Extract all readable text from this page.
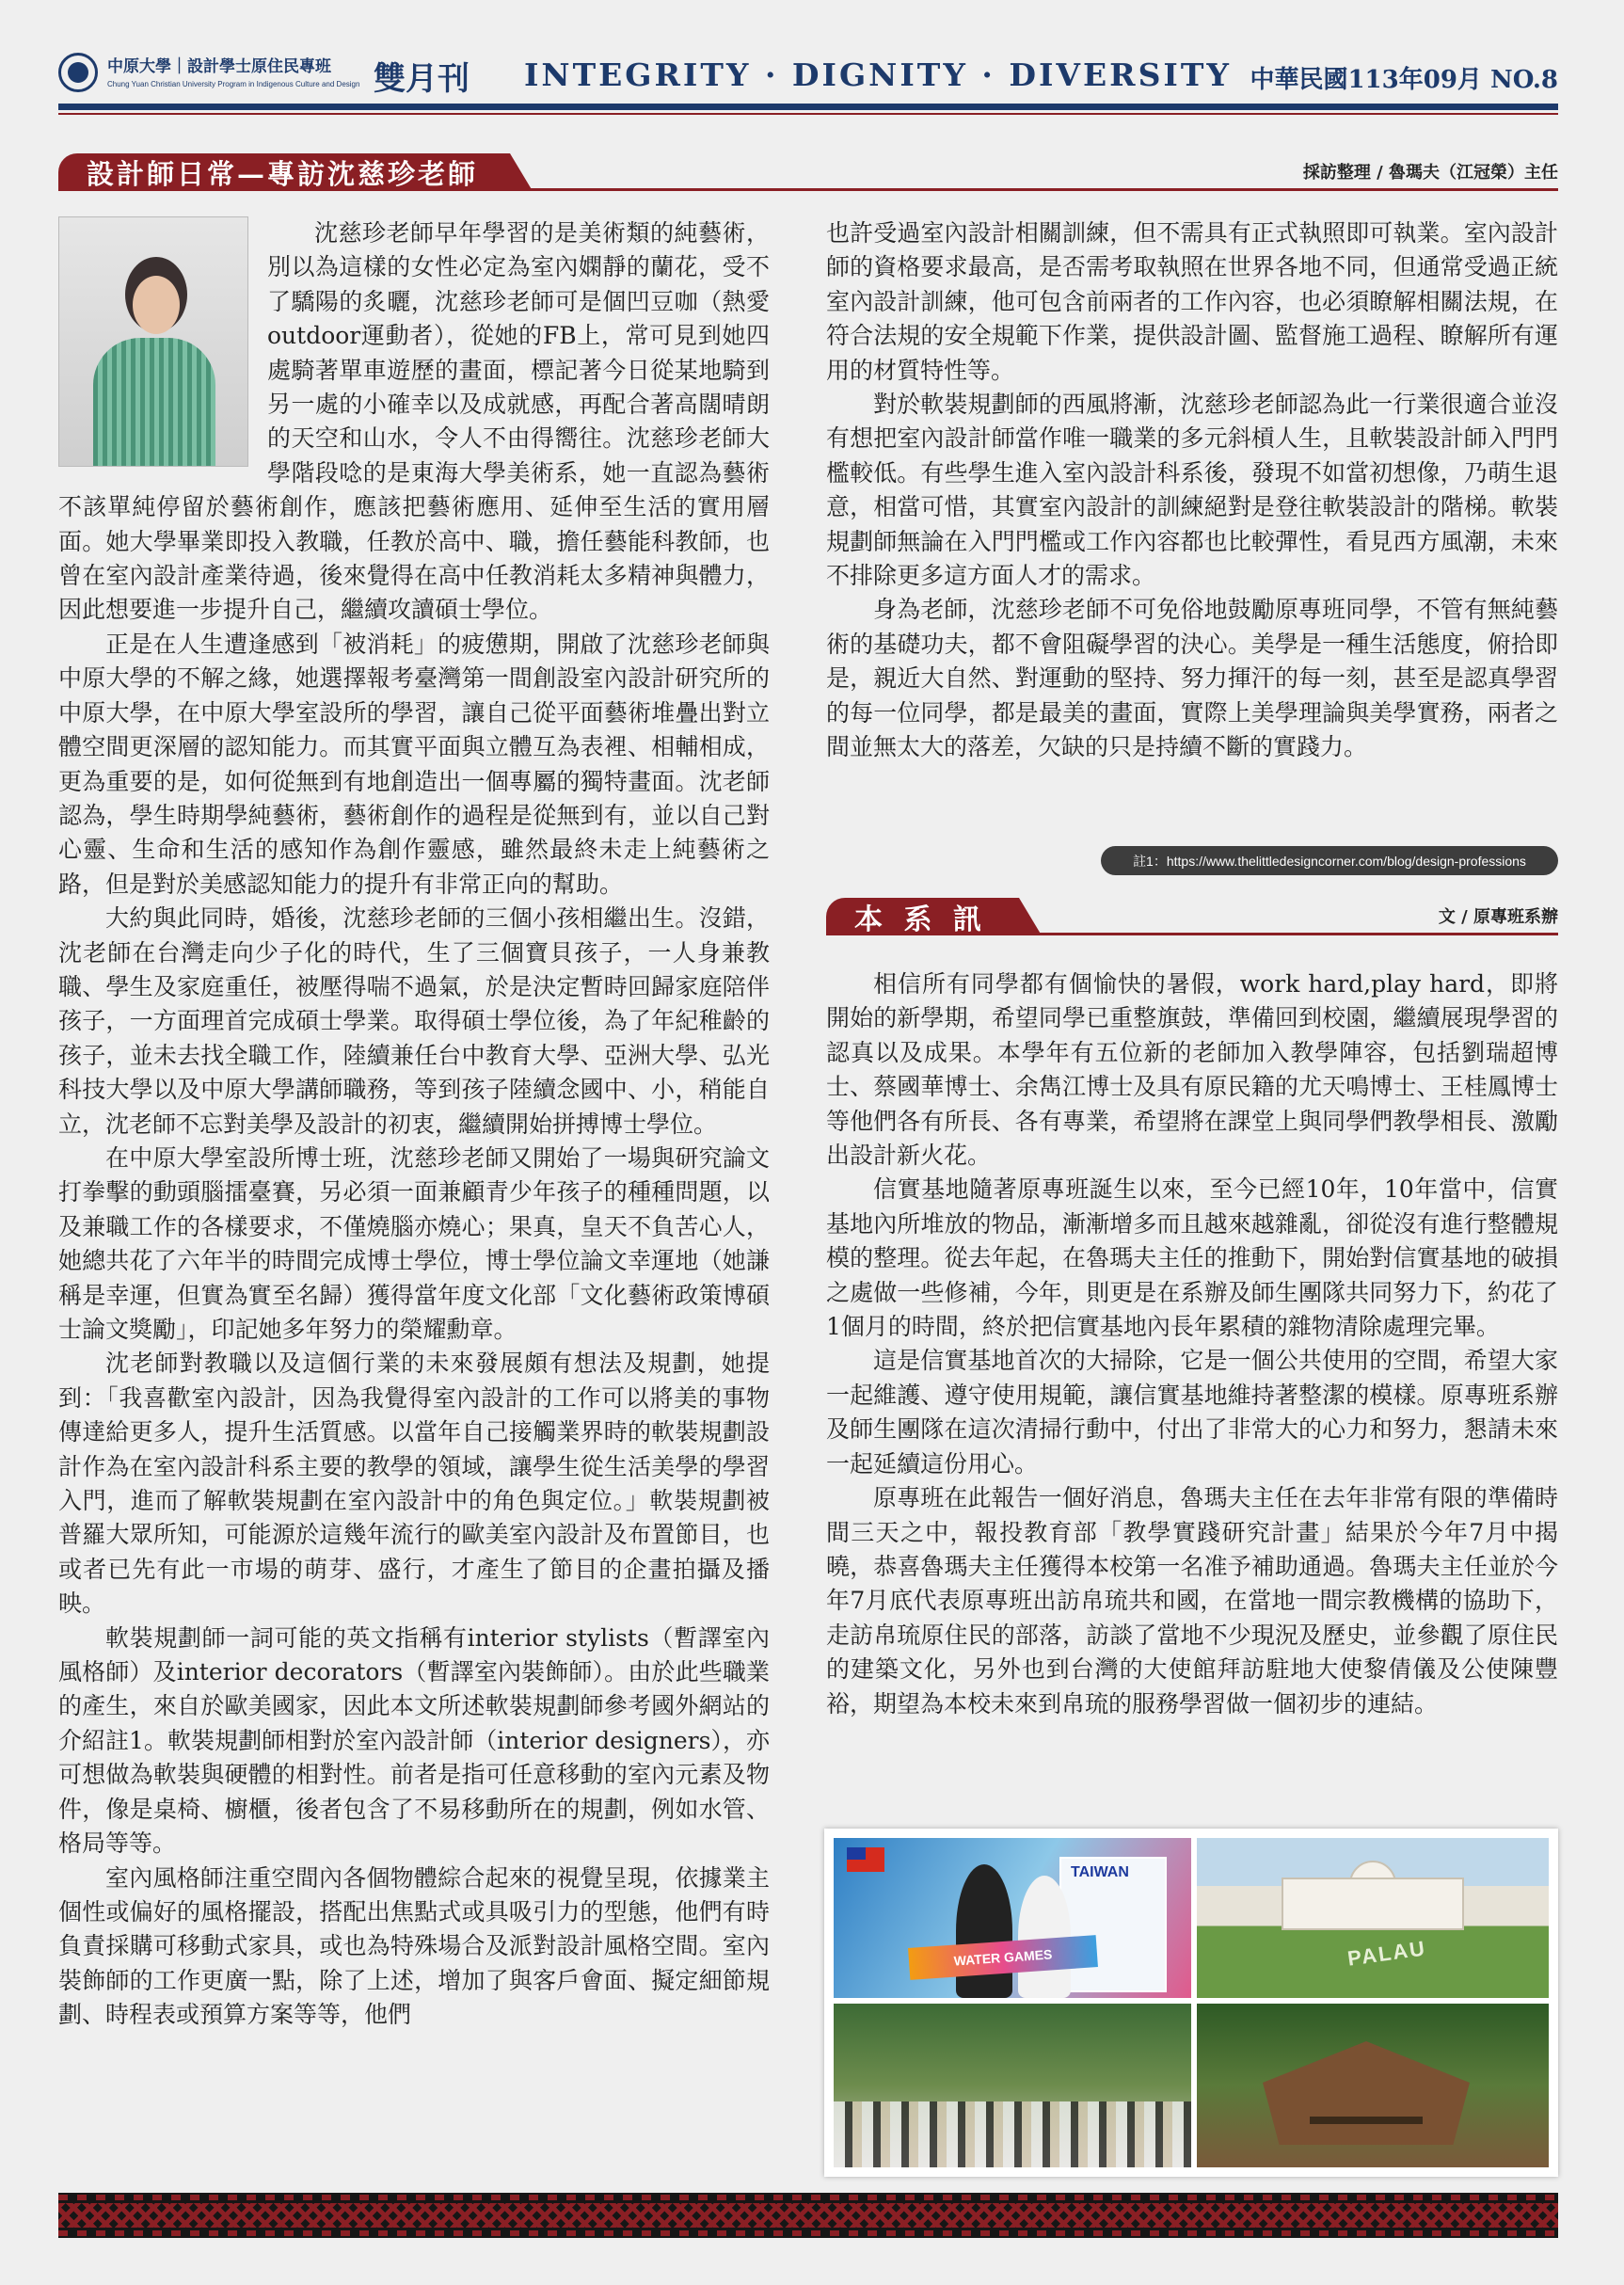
中原大學｜設計學士原住民專班
Chung Yuan Christian University Program in Indigenous Culture and Design 雙月刊 INTEGRITY · DIGNITY · DIVERSITY 中華民國113年09月 NO.8
設計師日常—專訪沈慈珍老師	採訪整理 / 魯瑪夫（江冠榮）主任

沈慈珍老師早年學習的是美術類的純藝術，別以為這樣的女性必定為室內嫻靜的蘭花，受不了驕陽的炙曬，沈慈珍老師可是個凹豆咖（熱愛outdoor運動者），從她的FB上，常可見到她四處騎著單車遊歷的畫面，標記著今日從某地騎到另一處的小確幸以及成就感，再配合著高闊晴朗的天空和山水，令人不由得嚮往。沈慈珍老師大學階段唸的是東海大學美術系，她一直認為藝術不該單純停留於藝術創作，應該把藝術應用、延伸至生活的實用層面。她大學畢業即投入教職，任教於高中、職，擔任藝能科教師，也曾在室內設計產業待過，後來覺得在高中任教消耗太多精神與體力，因此想要進一步提升自己，繼續攻讀碩士學位。

正是在人生遭逢感到「被消耗」的疲憊期，開啟了沈慈珍老師與中原大學的不解之緣，她選擇報考臺灣第一間創設室內設計研究所的中原大學，在中原大學室設所的學習，讓自己從平面藝術堆疊出對立體空間更深層的認知能力。而其實平面與立體互為表裡、相輔相成，更為重要的是，如何從無到有地創造出一個專屬的獨特畫面。沈老師認為，學生時期學純藝術，藝術創作的過程是從無到有，並以自己對心靈、生命和生活的感知作為創作靈感，雖然最終未走上純藝術之路，但是對於美感認知能力的提升有非常正向的幫助。

大約與此同時，婚後，沈慈珍老師的三個小孩相繼出生。沒錯，沈老師在台灣走向少子化的時代，生了三個寶貝孩子，一人身兼教職、學生及家庭重任，被壓得喘不過氣，於是決定暫時回歸家庭陪伴孩子，一方面理首完成碩士學業。取得碩士學位後，為了年紀稚齡的孩子，並未去找全職工作，陸續兼任台中教育大學、亞洲大學、弘光科技大學以及中原大學講師職務，等到孩子陸續念國中、小，稍能自立，沈老師不忘對美學及設計的初衷，繼續開始拼搏博士學位。

在中原大學室設所博士班，沈慈珍老師又開始了一場與研究論文打拳擊的動頭腦擂臺賽，另必須一面兼顧青少年孩子的種種問題，以及兼職工作的各樣要求，不僅燒腦亦燒心；果真，皇天不負苦心人，她總共花了六年半的時間完成博士學位，博士學位論文幸運地（她謙稱是幸運，但實為實至名歸）獲得當年度文化部「文化藝術政策博碩士論文獎勵」，印記她多年努力的榮耀勳章。

沈老師對教職以及這個行業的未來發展頗有想法及規劃，她提到：「我喜歡室內設計，因為我覺得室內設計的工作可以將美的事物傳達給更多人，提升生活質感。以當年自己接觸業界時的軟裝規劃設計作為在室內設計科系主要的教學的領域，讓學生從生活美學的學習入門，進而了解軟裝規劃在室內設計中的角色與定位。」軟裝規劃被普羅大眾所知，可能源於這幾年流行的歐美室內設計及布置節目，也或者已先有此一市場的萌芽、盛行，才產生了節目的企畫拍攝及播映。

軟裝規劃師一詞可能的英文指稱有interior stylists（暫譯室內風格師）及interior decorators（暫譯室內裝飾師）。由於此些職業的產生，來自於歐美國家，因此本文所述軟裝規劃師參考國外網站的介紹註1。軟裝規劃師相對於室內設計師（interior designers），亦可想做為軟裝與硬體的相對性。前者是指可任意移動的室內元素及物件，像是桌椅、櫥櫃，後者包含了不易移動所在的規劃，例如水管、格局等等。

室內風格師注重空間內各個物體綜合起來的視覺呈現，依據業主個性或偏好的風格擺設，搭配出焦點式或具吸引力的型態，他們有時負責採購可移動式家具，或也為特殊場合及派對設計風格空間。室內裝飾師的工作更廣一點，除了上述，增加了與客戶會面、擬定細節規劃、時程表或預算方案等等，他們

也許受過室內設計相關訓練，但不需具有正式執照即可執業。室內設計師的資格要求最高，是否需考取執照在世界各地不同，但通常受過正統室內設計訓練，他可包含前兩者的工作內容，也必須瞭解相關法規，在符合法規的安全規範下作業，提供設計圖、監督施工過程、瞭解所有運用的材質特性等。

對於軟裝規劃師的西風將漸，沈慈珍老師認為此一行業很適合並沒有想把室內設計師當作唯一職業的多元斜槓人生，且軟裝設計師入門門檻較低。有些學生進入室內設計科系後，發現不如當初想像，乃萌生退意，相當可惜，其實室內設計的訓練絕對是登往軟裝設計的階梯。軟裝規劃師無論在入門門檻或工作內容都也比較彈性，看見西方風潮，未來不排除更多這方面人才的需求。

身為老師，沈慈珍老師不可免俗地鼓勵原專班同學，不管有無純藝術的基礎功夫，都不會阻礙學習的決心。美學是一種生活態度，俯拾即是，親近大自然、對運動的堅持、努力揮汗的每一刻，甚至是認真學習的每一位同學，都是最美的畫面，實際上美學理論與美學實務，兩者之間並無太大的落差，欠缺的只是持續不斷的實踐力。

註1：https://www.thelittledesigncorner.com/blog/design-professions
本 系 訊	文 / 原專班系辦

相信所有同學都有個愉快的暑假，work hard,play hard，即將開始的新學期，希望同學已重整旗鼓，準備回到校園，繼續展現學習的認真以及成果。本學年有五位新的老師加入教學陣容，包括劉瑞超博士、蔡國華博士、余雋江博士及具有原民籍的尤天鳴博士、王桂鳳博士等他們各有所長、各有專業，希望將在課堂上與同學們教學相長、激勵出設計新火花。

信實基地隨著原專班誕生以來，至今已經10年，10年當中，信實基地內所堆放的物品，漸漸增多而且越來越雜亂，卻從沒有進行整體規模的整理。從去年起，在魯瑪夫主任的推動下，開始對信實基地的破損之處做一些修補，今年，則更是在系辦及師生團隊共同努力下，約花了1個月的時間，終於把信實基地內長年累積的雜物清除處理完畢。

這是信實基地首次的大掃除，它是一個公共使用的空間，希望大家一起維護、遵守使用規範，讓信實基地維持著整潔的模樣。原專班系辦及師生團隊在這次清掃行動中，付出了非常大的心力和努力，懇請未來一起延續這份用心。

原專班在此報告一個好消息，魯瑪夫主任在去年非常有限的準備時間三天之中，報投教育部「教學實踐研究計畫」結果於今年7月中揭曉，恭喜魯瑪夫主任獲得本校第一名准予補助通過。魯瑪夫主任並於今年7月底代表原專班出訪帛琉共和國，在當地一間宗教機構的協助下，走訪帛琉原住民的部落，訪談了當地不少現況及歷史，並參觀了原住民的建築文化，另外也到台灣的大使館拜訪駐地大使黎倩儀及公使陳豐裕，期望為本校未來到帛琉的服務學習做一個初步的連結。

TAIWAN
WATER GAMES	PALAU
